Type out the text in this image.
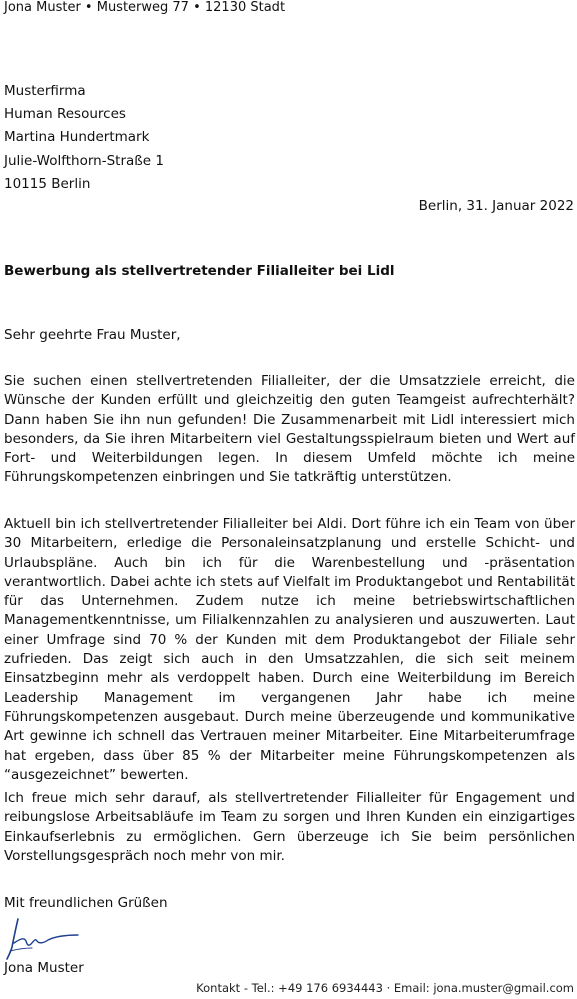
Jona Muster • Musterweg 77 • 12130 Stadt
Musterfirma
Human Resources
Martina Hundertmark
Julie-Wolfthorn-Straße 1
10115 Berlin
Berlin, 31. Januar 2022
Bewerbung als stellvertretender Filialleiter bei Lidl
Sehr geehrte Frau Muster,

Sie suchen einen stellvertretenden Filialleiter, der die Umsatzziele erreicht, die Wünsche der Kunden erfüllt und gleichzeitig den guten Teamgeist aufrechterhält? Dann haben Sie ihn nun gefunden! Die Zusammenarbeit mit Lidl interessiert mich besonders, da Sie ihren Mitarbeitern viel Gestaltungsspielraum bieten und Wert auf Fort- und Weiterbildungen legen. In diesem Umfeld möchte ich meine Führungskompetenzen einbringen und Sie tatkräftig unterstützen.

Aktuell bin ich stellvertretender Filialleiter bei Aldi. Dort führe ich ein Team von über 30 Mitarbeitern, erledige die Personaleinsatzplanung und erstelle Schicht- und Urlaubspläne. Auch bin ich für die Warenbestellung und -präsentation verantwortlich. Dabei achte ich stets auf Vielfalt im Produktangebot und Rentabilität für das Unternehmen. Zudem nutze ich meine betriebswirtschaftlichen Managementkenntnisse, um Filialkennzahlen zu analysieren und auszuwerten. Laut einer Umfrage sind 70 % der Kunden mit dem Produktangebot der Filiale sehr zufrieden. Das zeigt sich auch in den Umsatzzahlen, die sich seit meinem Einsatzbeginn mehr als verdoppelt haben. Durch eine Weiterbildung im Bereich Leadership Management im vergangenen Jahr habe ich meine Führungskompetenzen ausgebaut. Durch meine überzeugende und kommunikative Art gewinne ich schnell das Vertrauen meiner Mitarbeiter. Eine Mitarbeiterumfrage hat ergeben, dass über 85 % der Mitarbeiter meine Führungskompetenzen als “ausgezeichnet” bewerten.

Ich freue mich sehr darauf, als stellvertretender Filialleiter für Engagement und reibungslose Arbeitsabläufe im Team zu sorgen und Ihren Kunden ein einzigartiges Einkaufserlebnis zu ermöglichen. Gern überzeuge ich Sie beim persönlichen Vorstellungsgespräch noch mehr von mir.

Mit freundlichen Grüßen
Jona Muster
Kontakt - Tel.: +49 176 6934443 · Email: jona.muster@gmail.com
